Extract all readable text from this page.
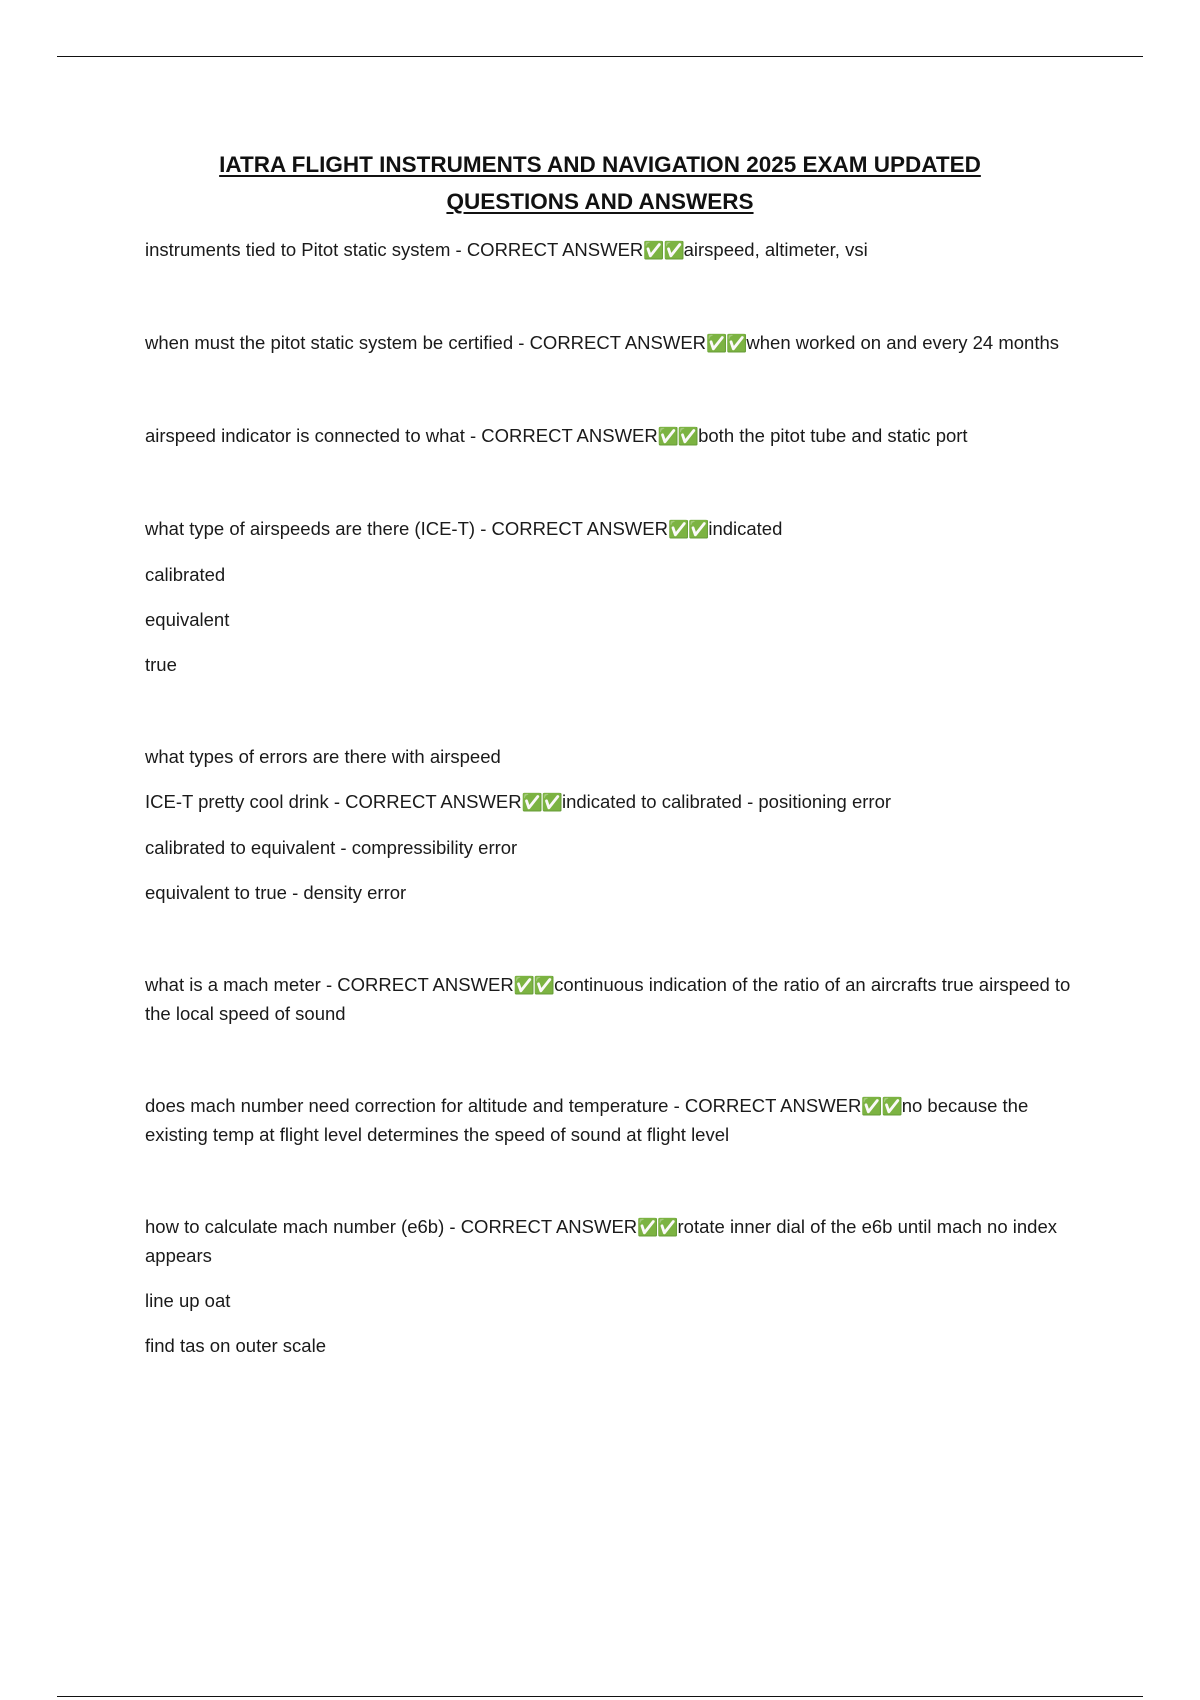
IATRA FLIGHT INSTRUMENTS AND NAVIGATION 2025 EXAM UPDATED
QUESTIONS AND ANSWERS

instruments tied to Pitot static system - CORRECT ANSWER✅✅airspeed, altimeter, vsi

when must the pitot static system be certified - CORRECT ANSWER✅✅when worked on and every 24 months

airspeed indicator is connected to what - CORRECT ANSWER✅✅both the pitot tube and static port

what type of airspeeds are there (ICE-T) - CORRECT ANSWER✅✅indicated

calibrated

equivalent

true

what types of errors are there with airspeed

ICE-T pretty cool drink - CORRECT ANSWER✅✅indicated to calibrated - positioning error

calibrated to equivalent - compressibility error

equivalent to true - density error

what is a mach meter - CORRECT ANSWER✅✅continuous indication of the ratio of an aircrafts true airspeed to the local speed of sound

does mach number need correction for altitude and temperature - CORRECT ANSWER✅✅no because the existing temp at flight level determines the speed of sound at flight level

how to calculate mach number (e6b) - CORRECT ANSWER✅✅rotate inner dial of the e6b until mach no index appears

line up oat

find tas on outer scale
